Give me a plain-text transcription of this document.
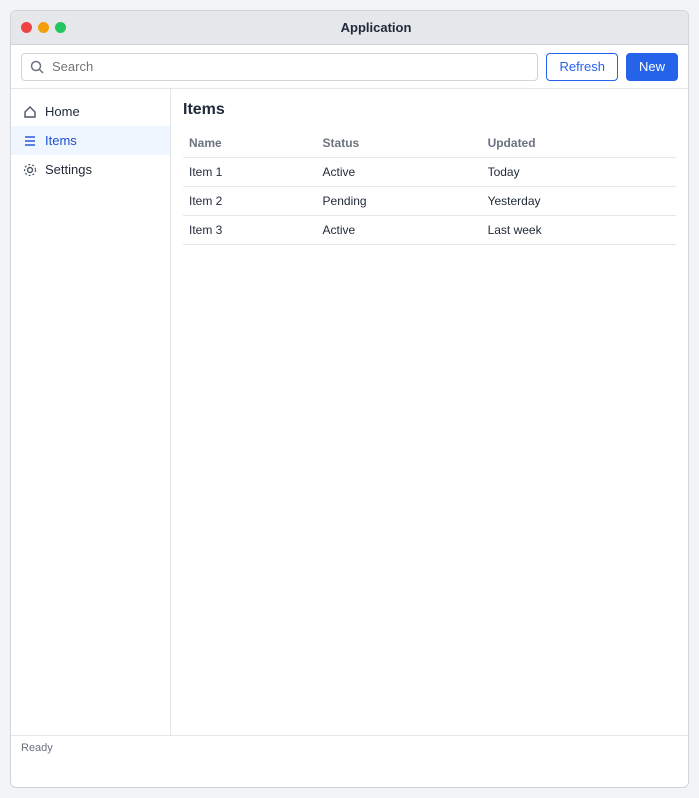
Application
Search
Refresh	New
Home
Items
Settings
Items
Name	Status	Updated
Item 1	Active	Today
Item 2	Pending	Yesterday
Item 3	Active	Last week
Ready
